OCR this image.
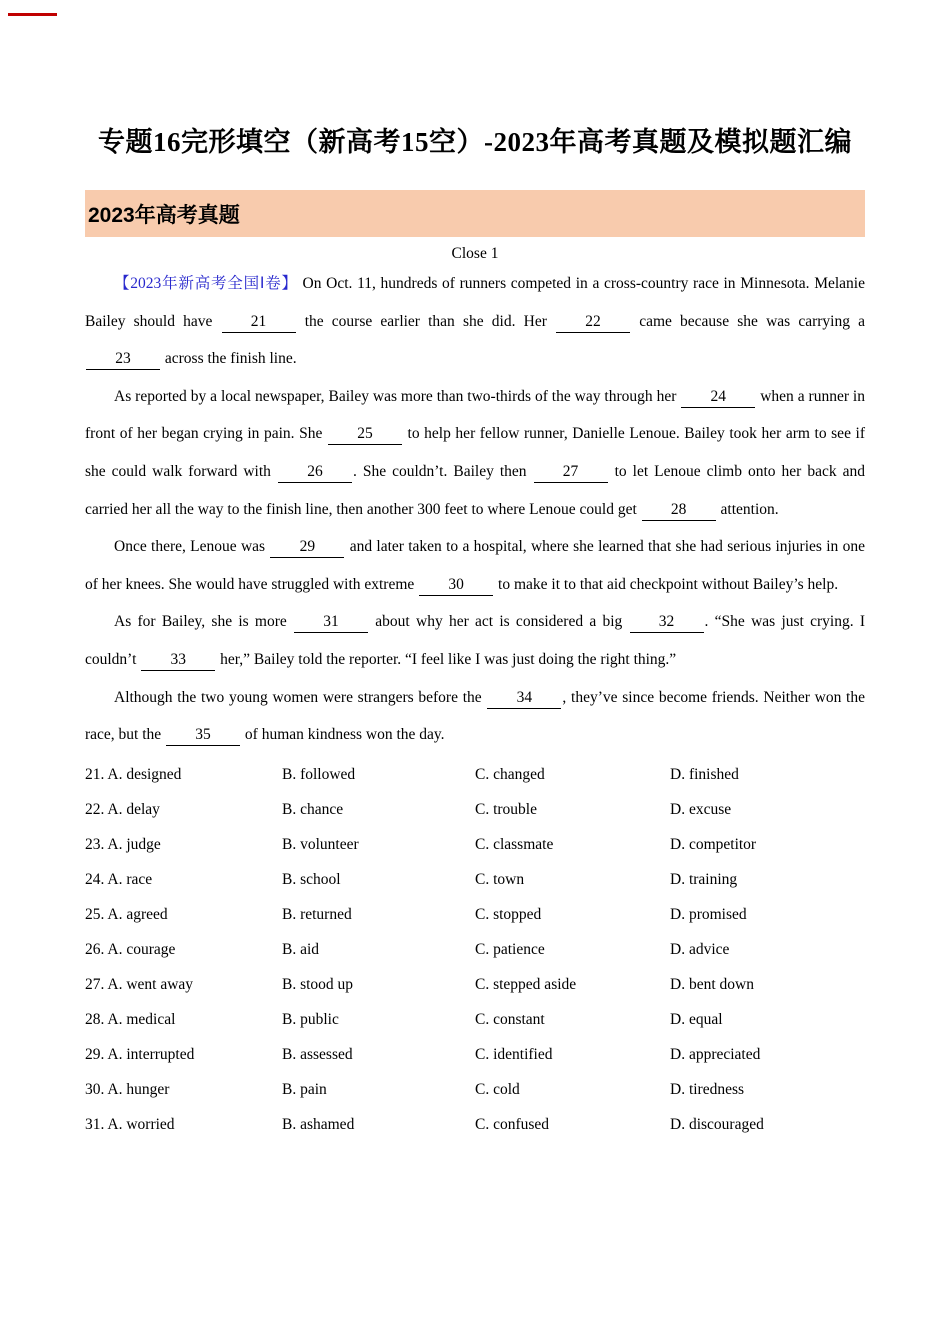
专题16完形填空（新高考15空）-2023年高考真题及模拟题汇编
2023年高考真题
Close 1

【2023年新高考全国Ⅰ卷】 On Oct. 11, hundreds of runners competed in a cross-country race in Minnesota. Melanie Bailey should have 21 the course earlier than she did. Her 22 came because she was carrying a 23 across the finish line.

As reported by a local newspaper, Bailey was more than two-thirds of the way through her 24 when a runner in front of her began crying in pain. She 25 to help her fellow runner, Danielle Lenoue. Bailey took her arm to see if she could walk forward with 26 . She couldn’t. Bailey then 27 to let Lenoue climb onto her back and carried her all the way to the finish line, then another 300 feet to where Lenoue could get 28 attention.

Once there, Lenoue was 29 and later taken to a hospital, where she learned that she had serious injuries in one of her knees. She would have struggled with extreme 30 to make it to that aid checkpoint without Bailey’s help.

As for Bailey, she is more 31 about why her act is considered a big 32 . “She was just crying. I couldn’t 33 her,” Bailey told the reporter. “I feel like I was just doing the right thing.”

Although the two young women were strangers before the 34 , they’ve since become friends. Neither won the race, but the 35 of human kindness won the day.

21. A. designed	B. followed	C. changed	D. finished
22. A. delay	B. chance	C. trouble	D. excuse
23. A. judge	B. volunteer	C. classmate	D. competitor
24. A. race	B. school	C. town	D. training
25. A. agreed	B. returned	C. stopped	D. promised
26. A. courage	B. aid	C. patience	D. advice
27. A. went away	B. stood up	C. stepped aside	D. bent down
28. A. medical	B. public	C. constant	D. equal
29. A. interrupted	B. assessed	C. identified	D. appreciated
30. A. hunger	B. pain	C. cold	D. tiredness
31. A. worried	B. ashamed	C. confused	D. discouraged
